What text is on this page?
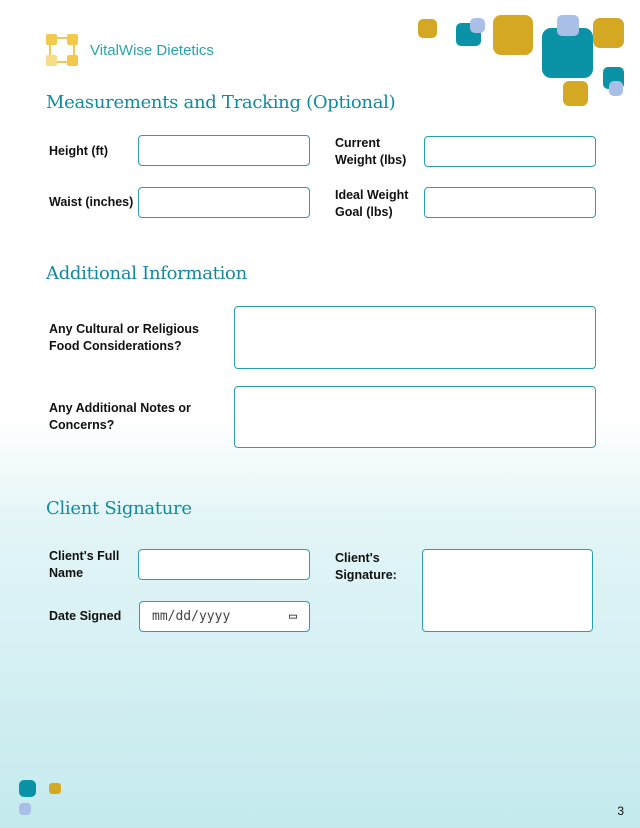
VitalWise Dietetics
Measurements and Tracking (Optional)
Height (ft)
Current Weight (lbs)
Waist (inches)	Ideal Weight Goal (lbs)
Additional Information
Any Cultural or Religious Food Considerations?
Any Additional Notes or Concerns?
Client Signature
Client's Full Name
Client's Signature:
Date Signed mm/dd/yyyy	▭
3
